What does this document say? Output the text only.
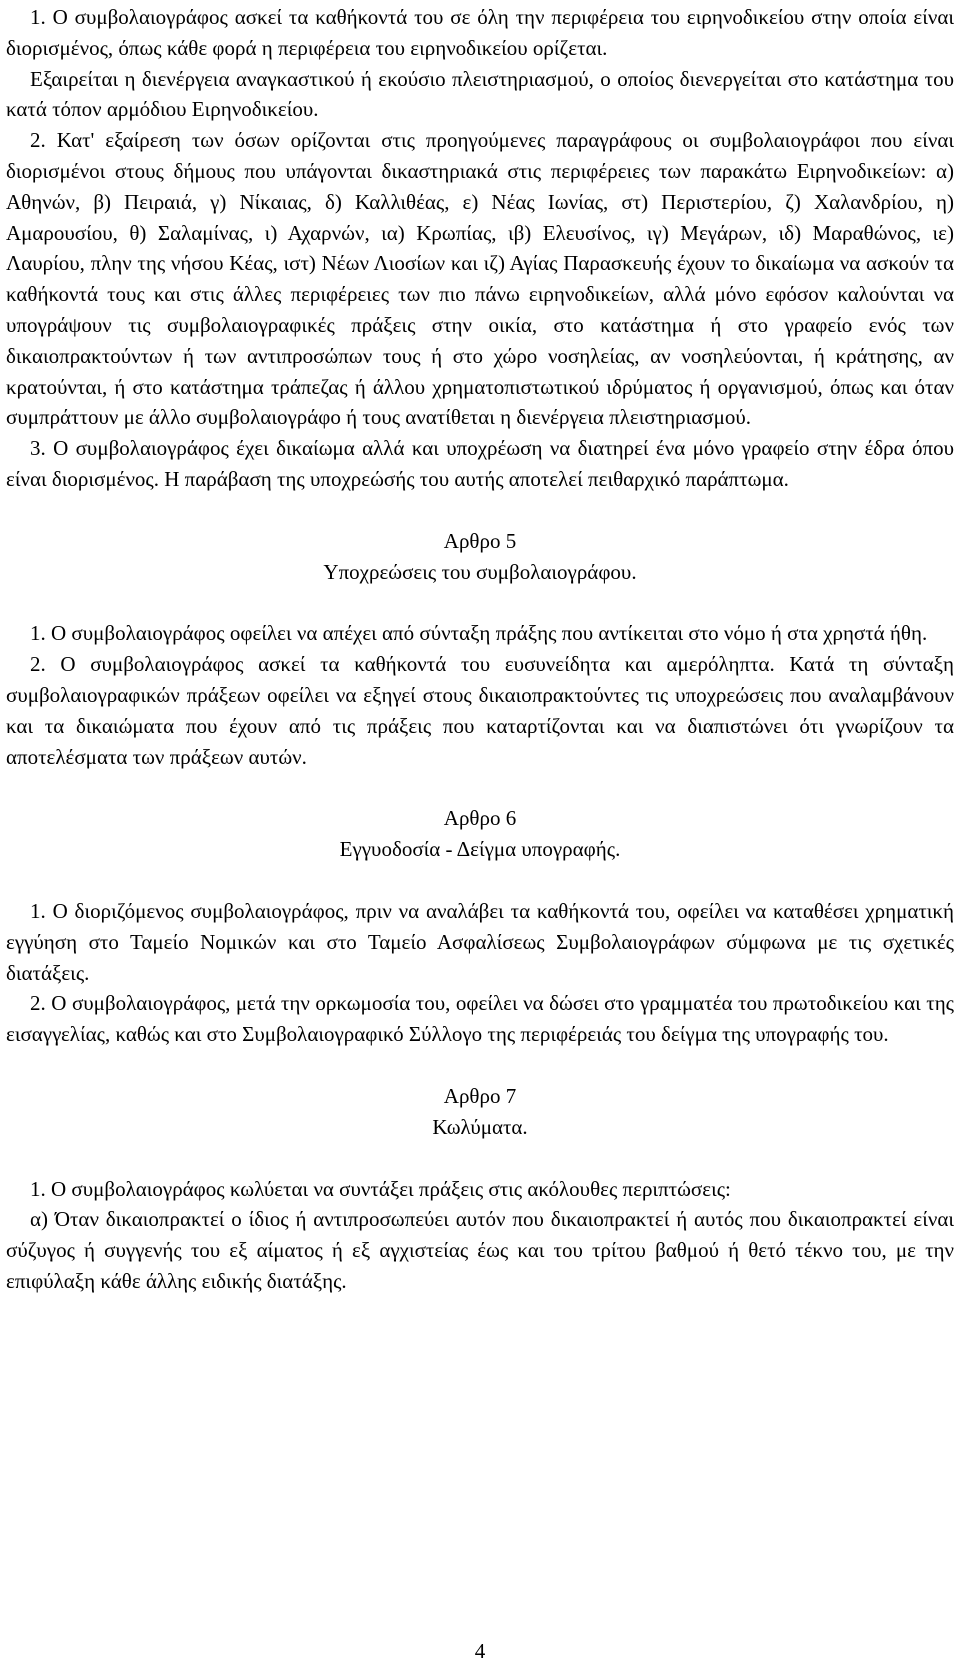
1. Ο συμβολαιογράφος ασκεί τα καθήκοντά του σε όλη την περιφέρεια του ειρηνοδικείου στην οποία είναι διορισμένος, όπως κάθε φορά η περιφέρεια του ειρηνοδικείου ορίζεται.

Εξαιρείται η διενέργεια αναγκαστικού ή εκούσιο πλειστηριασμού, ο οποίος διενεργείται στο κατάστημα του κατά τόπον αρμόδιου Ειρηνοδικείου.

2. Κατ' εξαίρεση των όσων ορίζονται στις προηγούμενες παραγράφους οι συμβολαιογράφοι που είναι διορισμένοι στους δήμους που υπάγονται δικαστηριακά στις περιφέρειες των παρακάτω Ειρηνοδικείων: α) Αθηνών, β) Πειραιά, γ) Νίκαιας, δ) Καλλιθέας, ε) Νέας Ιωνίας, στ) Περιστερίου, ζ) Χαλανδρίου, η) Αμαρουσίου, θ) Σαλαμίνας, ι) Αχαρνών, ια) Κρωπίας, ιβ) Ελευσίνος, ιγ) Μεγάρων, ιδ) Μαραθώνος, ιε) Λαυρίου, πλην της νήσου Κέας, ιστ) Νέων Λιοσίων και ιζ) Αγίας Παρασκευής έχουν το δικαίωμα να ασκούν τα καθήκοντά τους και στις άλλες περιφέρειες των πιο πάνω ειρηνοδικείων, αλλά μόνο εφόσον καλούνται να υπογράψουν τις συμβολαιογραφικές πράξεις στην οικία, στο κατάστημα ή στο γραφείο ενός των δικαιοπρακτούντων ή των αντιπροσώπων τους ή στο χώρο νοσηλείας, αν νοσηλεύονται, ή κράτησης, αν κρατούνται, ή στο κατάστημα τράπεζας ή άλλου χρηματοπιστωτικού ιδρύματος ή οργανισμού, όπως και όταν συμπράττουν με άλλο συμβολαιογράφο ή τους ανατίθεται η διενέργεια πλειστηριασμού.

3. Ο συμβολαιογράφος έχει δικαίωμα αλλά και υποχρέωση να διατηρεί ένα μόνο γραφείο στην έδρα όπου είναι διορισμένος. Η παράβαση της υποχρεώσής του αυτής αποτελεί πειθαρχικό παράπτωμα.

Αρθρο 5

Υποχρεώσεις του συμβολαιογράφου.

1. Ο συμβολαιογράφος οφείλει να απέχει από σύνταξη πράξης που αντίκειται στο νόμο ή στα χρηστά ήθη.

2. Ο συμβολαιογράφος ασκεί τα καθήκοντά του ευσυνείδητα και αμερόληπτα. Κατά τη σύνταξη συμβολαιογραφικών πράξεων οφείλει να εξηγεί στους δικαιοπρακτούντες τις υποχρεώσεις που αναλαμβάνουν και τα δικαιώματα που έχουν από τις πράξεις που καταρτίζονται και να διαπιστώνει ότι γνωρίζουν τα αποτελέσματα των πράξεων αυτών.

Αρθρο 6

Εγγυοδοσία - Δείγμα υπογραφής.

1. Ο διοριζόμενος συμβολαιογράφος, πριν να αναλάβει τα καθήκοντά του, οφείλει να καταθέσει χρηματική εγγύηση στο Ταμείο Νομικών και στο Ταμείο Ασφαλίσεως Συμβολαιογράφων σύμφωνα με τις σχετικές διατάξεις.

2. Ο συμβολαιογράφος, μετά την ορκωμοσία του, οφείλει να δώσει στο γραμματέα του πρωτοδικείου και της εισαγγελίας, καθώς και στο Συμβολαιογραφικό Σύλλογο της περιφέρειάς του δείγμα της υπογραφής του.

Αρθρο 7

Κωλύματα.

1. Ο συμβολαιογράφος κωλύεται να συντάξει πράξεις στις ακόλουθες περιπτώσεις:

α) Όταν δικαιοπρακτεί ο ίδιος ή αντιπροσωπεύει αυτόν που δικαιοπρακτεί ή αυτός που δικαιοπρακτεί είναι σύζυγος ή συγγενής του εξ αίματος ή εξ αγχιστείας έως και του τρίτου βαθμού ή θετό τέκνο του, με την επιφύλαξη κάθε άλλης ειδικής διατάξης.

4
